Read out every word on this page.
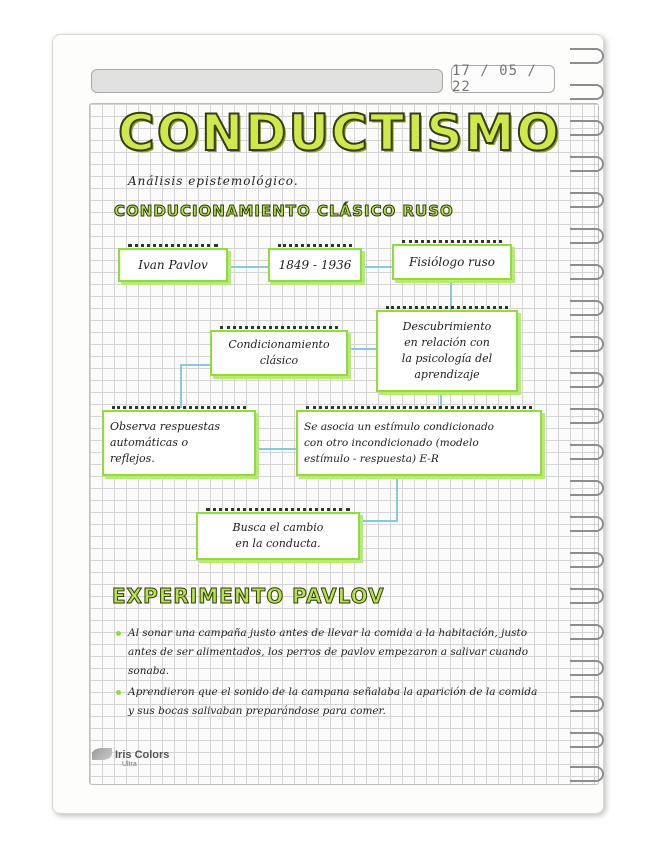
17 / 05 / 22
CONDUCTISMO
Análisis epistemológico.
CONDUCIONAMIENTO CLÁSICO RUSO
Ivan Pavlov	1849 - 1936	Fisiólogo ruso
Condicionamiento
clásico
Descubrimiento
en relación con
la psicología del
aprendizaje
Observa respuestas
automáticas o
reflejos.
Se asocia un estímulo condicionado
con otro incondicionado (modelo
estímulo - respuesta) E-R
Busca el cambio
en la conducta.
EXPERIMENTO PAVLOV
Al sonar una campaña justo antes de llevar la comida a la habitación, justo antes de ser alimentados, los perros de pavlov empezaron a salivar cuando sonaba.
Aprendieron que el sonido de la campana señalaba la aparición de la comida y sus bocas salivaban preparándose para comer.
Iris Colors
Ultra
